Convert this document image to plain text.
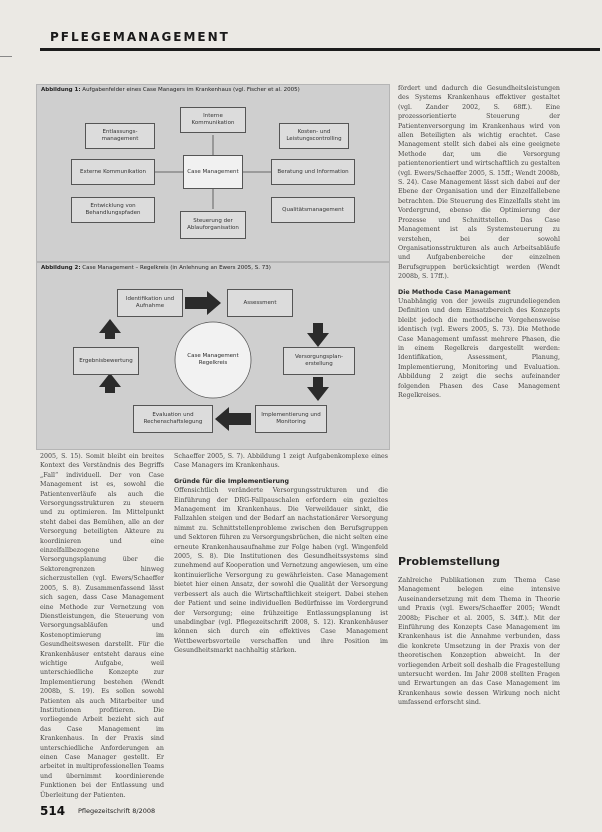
PFLEGEMANAGEMENT
Abbildung 1: Aufgabenfelder eines Case Managers im Krankenhaus (vgl. Fischer et al. 2005)
Entlassungs-management
Interne Kommunikation
Kosten- und Leistungscontrolling
Externe Kommunikation	Case Management	Beratung und Information
Entwicklung von Behandlungspfaden
Steuerung der Ablauforganisation
Qualitätsmanagement
Abbildung 2: Case Management – Regelkreis (in Anlehnung an Ewers 2005, S. 73)
Identifikation und Aufnahme
Assessment
Versorgungsplan-erstellung
Implementierung und Monitoring
Ergebnisbewertung
Evaluation und Rechenschaftslegung
Case Management Regelkreis

2005, S. 15). Somit bleibt ein breites Kontext des Verständnis des Begriffs „Fall“ individuell. Der von Case Management ist es, sowohl die Patientenverläufe als auch die Versorgungsstrukturen zu steuern und zu optimieren. Im Mittelpunkt steht dabei das Bemühen, alle an der Versorgung beteiligten Akteure zu koordinieren und eine einzelfallbezogene Versorgungsplanung über die Sektorengrenzen hinweg sicherzustellen (vgl. Ewers/Schaeffer 2005, S. 8). Zusammenfassend lässt sich sagen, dass Case Management eine Methode zur Vernetzung von Dienstleistungen, die Steuerung von Versorgungsabläufen und Kostenoptimierung im Gesundheitswesen darstellt. Für die Krankenhäuser entsteht daraus eine wichtige Aufgabe, weil unterschiedliche Konzepte zur Implementierung bestehen (Wendt 2008b, S. 19). Es sollen sowohl Patienten als auch Mitarbeiter und Institutionen profitieren. Die vorliegende Arbeit bezieht sich auf das Case Management im Krankenhaus. In der Praxis sind unterschiedliche Anforderungen an einen Case Manager gestellt. Er arbeitet in multiprofessionellen Teams und übernimmt koordinierende Funktionen bei der Entlassung und Überleitung der Patienten.

Schaeffer 2005, S. 7). Abbildung 1 zeigt Aufgabenkomplexe eines Case Managers im Krankenhaus.

Gründe für die Implementierung

Offensichtlich veränderte Versorgungsstrukturen und die Einführung der DRG-Fallpauschalen erfordern ein gezieltes Management im Krankenhaus. Die Verweildauer sinkt, die Fallzahlen steigen und der Bedarf an nachstationärer Versorgung nimmt zu. Schnittstellenprobleme zwischen den Berufsgruppen und Sektoren führen zu Versorgungsbrüchen, die nicht selten eine erneute Krankenhausaufnahme zur Folge haben (vgl. Wingenfeld 2005, S. 8). Die Institutionen des Gesundheitssystems sind zunehmend auf Kooperation und Vernetzung angewiesen, um eine kontinuierliche Versorgung zu gewährleisten. Case Management bietet hier einen Ansatz, der sowohl die Qualität der Versorgung verbessert als auch die Wirtschaftlichkeit steigert. Dabei stehen der Patient und seine individuellen Bedürfnisse im Vordergrund der Versorgung; eine frühzeitige Entlassungsplanung ist unabdingbar (vgl. Pflegezeitschrift 2008, S. 12). Krankenhäuser können sich durch ein effektives Case Management Wettbewerbsvorteile verschaffen und ihre Position im Gesundheitsmarkt nachhaltig stärken.

fördert und dadurch die Gesundheitsleistungen des Systems Krankenhaus effektiver gestaltet (vgl. Zander 2002, S. 68ff.). Eine prozessorientierte Steuerung der Patientenversorgung im Krankenhaus wird von allen Beteiligten als wichtig erachtet. Case Management stellt sich dabei als eine geeignete Methode dar, um die Versorgung patientenorientiert und wirtschaftlich zu gestalten (vgl. Ewers/Schaeffer 2005, S. 15ff.; Wendt 2008b, S. 24). Case Management lässt sich dabei auf der Ebene der Organisation und der Einzelfallebene betrachten. Die Steuerung des Einzelfalls steht im Vordergrund, ebenso die Optimierung der Prozesse und Schnittstellen. Das Case Management ist als Systemsteuerung zu verstehen, bei der sowohl Organisationsstrukturen als auch Arbeitsabläufe und Aufgabenbereiche der einzelnen Berufsgruppen berücksichtigt werden (Wendt 2008b, S. 17ff.).

Die Methode Case Management

Unabhängig von der jeweils zugrundeliegenden Definition und dem Einsatzbereich des Konzepts bleibt jedoch die methodische Vorgehensweise identisch (vgl. Ewers 2005, S. 73). Die Methode Case Management umfasst mehrere Phasen, die in einem Regelkreis dargestellt werden: Identifikation, Assessment, Planung, Implementierung, Monitoring und Evaluation. Abbildung 2 zeigt die sechs aufeinander folgenden Phasen des Case Management Regelkreises.

Problemstellung

Zahlreiche Publikationen zum Thema Case Management belegen eine intensive Auseinandersetzung mit dem Thema in Theorie und Praxis (vgl. Ewers/Schaeffer 2005; Wendt 2008b; Fischer et al. 2005, S. 34ff.). Mit der Einführung des Konzepts Case Management im Krankenhaus ist die Annahme verbunden, dass die konkrete Umsetzung in der Praxis von der theoretischen Konzeption abweicht. In der vorliegenden Arbeit soll deshalb die Fragestellung untersucht werden. Im Jahr 2008 stellten Fragen und Erwartungen an das Case Management im Krankenhaus sowie dessen Wirkung noch nicht umfassend erforscht sind.

514 Pflegezeitschrift 8/2008
